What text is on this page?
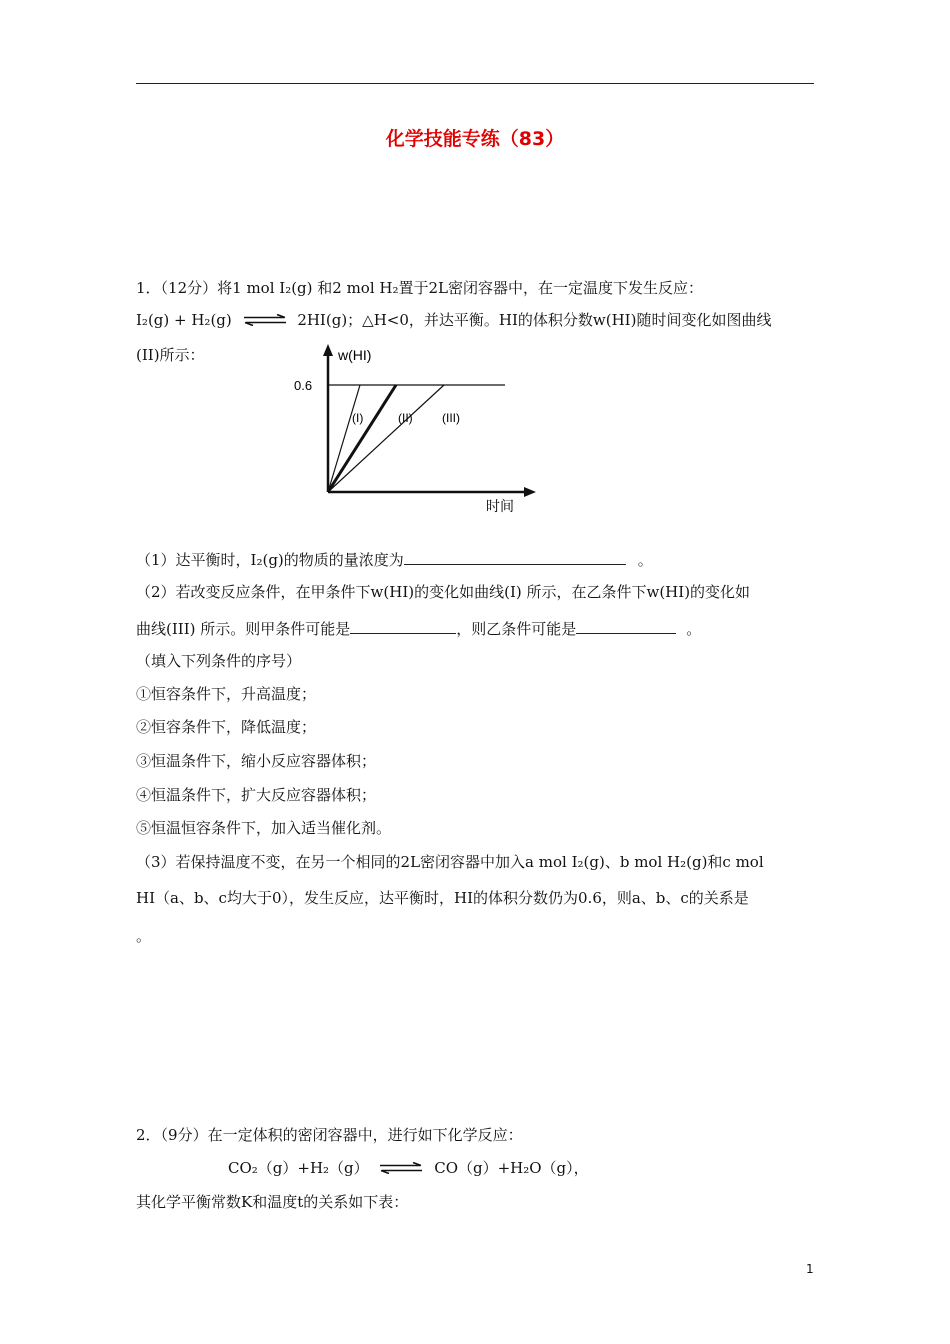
化学技能专练（83）
1．（12分）将1 mol I₂(g) 和2 mol H₂置于2L密闭容器中，在一定温度下发生反应：
I₂(g) + H₂(g) ⇌ 2HI(g)；△H<0，并达平衡。HI的体积分数w(HI)随时间变化如图曲线
(II)所示：	w(HI)
0.6
时间
(I)	(II) (III)
（1）达平衡时，I₂(g)的物质的量浓度为	。
（2）若改变反应条件，在甲条件下w(HI)的变化如曲线(Ⅰ) 所示，在乙条件下w(HI)的变化如
曲线(III) 所示。则甲条件可能是	，则乙条件可能是	。
（填入下列条件的序号）
①恒容条件下，升高温度；
②恒容条件下，降低温度；
③恒温条件下，缩小反应容器体积；
④恒温条件下，扩大反应容器体积；
⑤恒温恒容条件下，加入适当催化剂。
（3）若保持温度不变，在另一个相同的2L密闭容器中加入a mol I₂(g)、b mol H₂(g)和c mol
HI（a、b、c均大于0），发生反应，达平衡时，HI的体积分数仍为0.6，则a、b、c的关系是
。
2．（9分）在一定体积的密闭容器中，进行如下化学反应：
CO₂（g）+H₂（g） ⇌ CO（g）+H₂O（g），
其化学平衡常数K和温度t的关系如下表：
1
